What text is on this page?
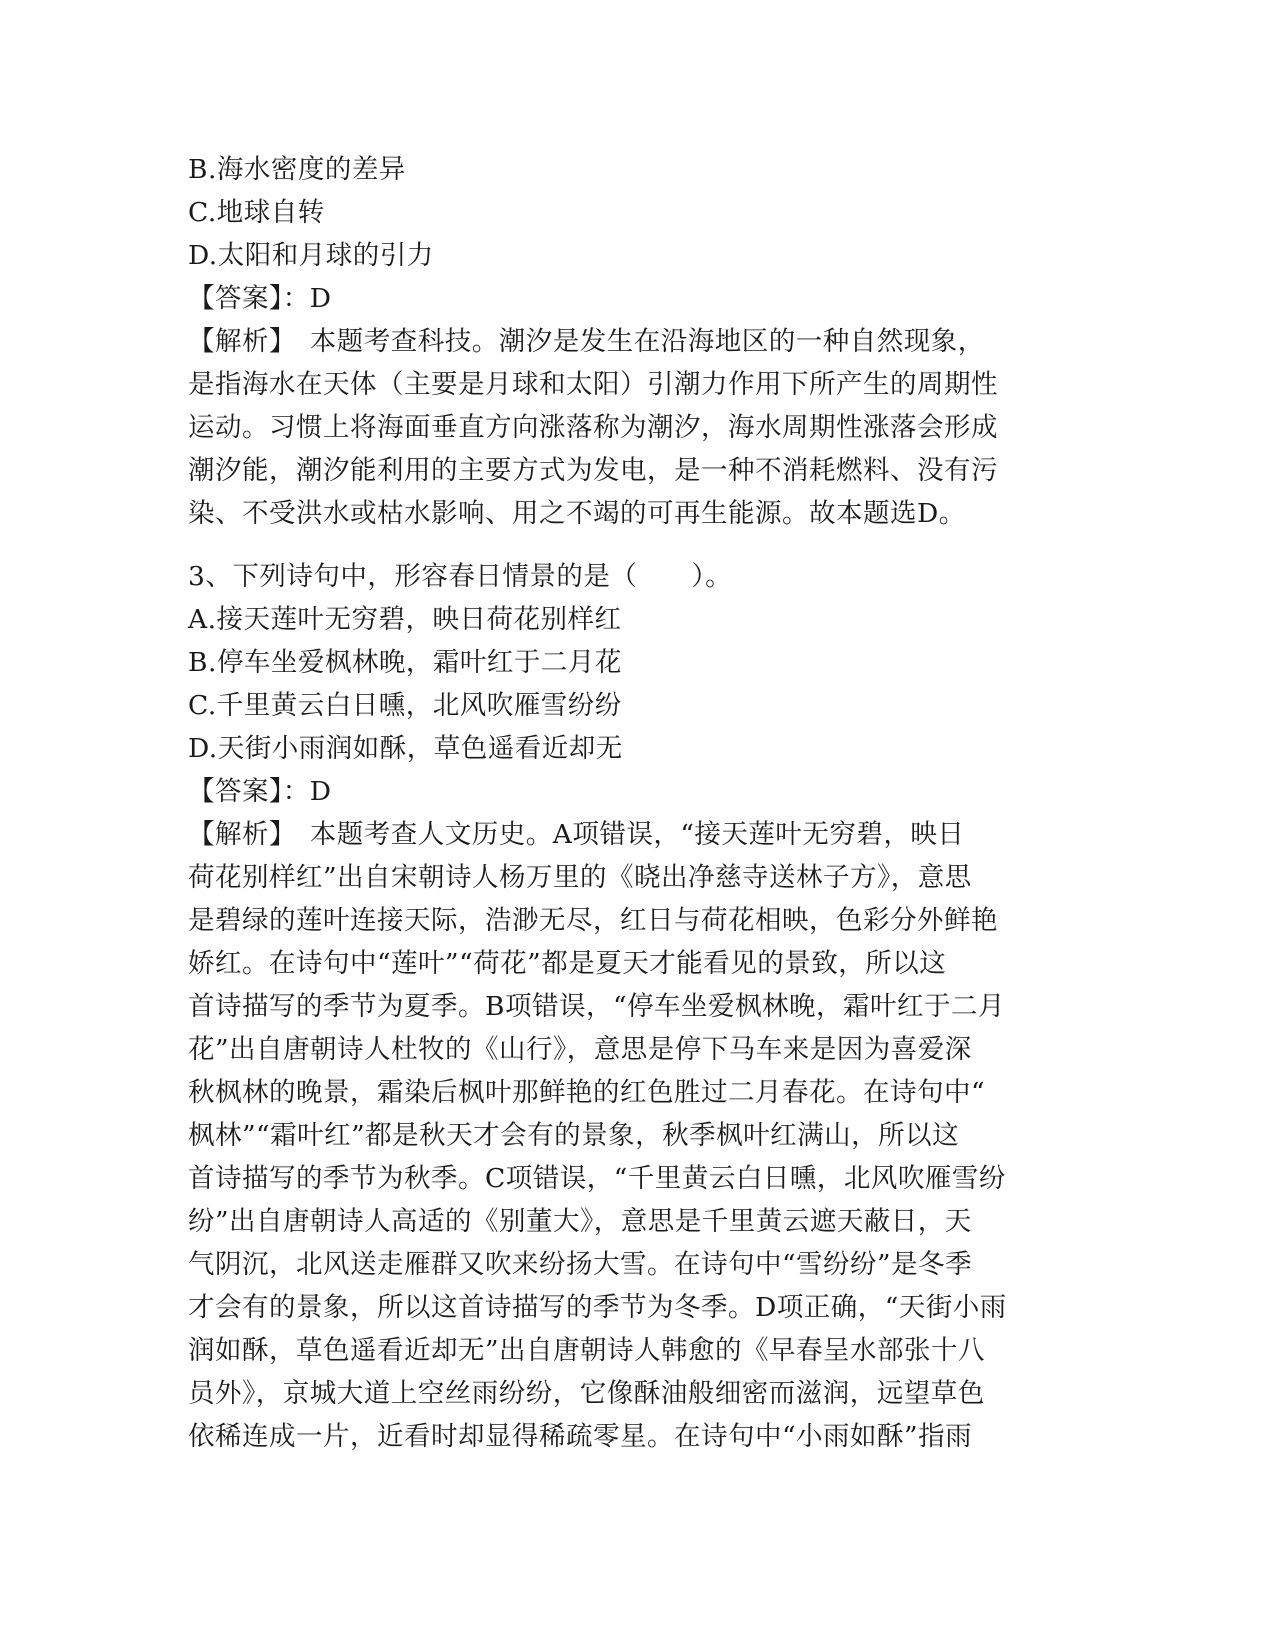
B.海水密度的差异
C.地球自转
D.太阳和月球的引力
【答案】：D
【解析】　本题考查科技。潮汐是发生在沿海地区的一种自然现象，
是指海水在天体（主要是月球和太阳）引潮力作用下所产生的周期性
运动。习惯上将海面垂直方向涨落称为潮汐，海水周期性涨落会形成
潮汐能，潮汐能利用的主要方式为发电，是一种不消耗燃料、没有污
染、不受洪水或枯水影响、用之不竭的可再生能源。故本题选D。
3、下列诗句中，形容春日情景的是（　　）。
A.接天莲叶无穷碧，映日荷花别样红
B.停车坐爱枫林晚，霜叶红于二月花
C.千里黄云白日曛，北风吹雁雪纷纷
D.天街小雨润如酥，草色遥看近却无
【答案】：D
【解析】　本题考查人文历史。A项错误，“接天莲叶无穷碧，映日
荷花别样红”出自宋朝诗人杨万里的《晓出净慈寺送林子方》，意思
是碧绿的莲叶连接天际，浩渺无尽，红日与荷花相映，色彩分外鲜艳
娇红。在诗句中“莲叶”“荷花”都是夏天才能看见的景致，所以这
首诗描写的季节为夏季。B项错误，“停车坐爱枫林晚，霜叶红于二月
花”出自唐朝诗人杜牧的《山行》，意思是停下马车来是因为喜爱深
秋枫林的晚景，霜染后枫叶那鲜艳的红色胜过二月春花。在诗句中“
枫林”“霜叶红”都是秋天才会有的景象，秋季枫叶红满山，所以这
首诗描写的季节为秋季。C项错误，“千里黄云白日曛，北风吹雁雪纷
纷”出自唐朝诗人高适的《别董大》，意思是千里黄云遮天蔽日，天
气阴沉，北风送走雁群又吹来纷扬大雪。在诗句中“雪纷纷”是冬季
才会有的景象，所以这首诗描写的季节为冬季。D项正确，“天街小雨
润如酥，草色遥看近却无”出自唐朝诗人韩愈的《早春呈水部张十八
员外》，京城大道上空丝雨纷纷，它像酥油般细密而滋润，远望草色
依稀连成一片，近看时却显得稀疏零星。在诗句中“小雨如酥”指雨
